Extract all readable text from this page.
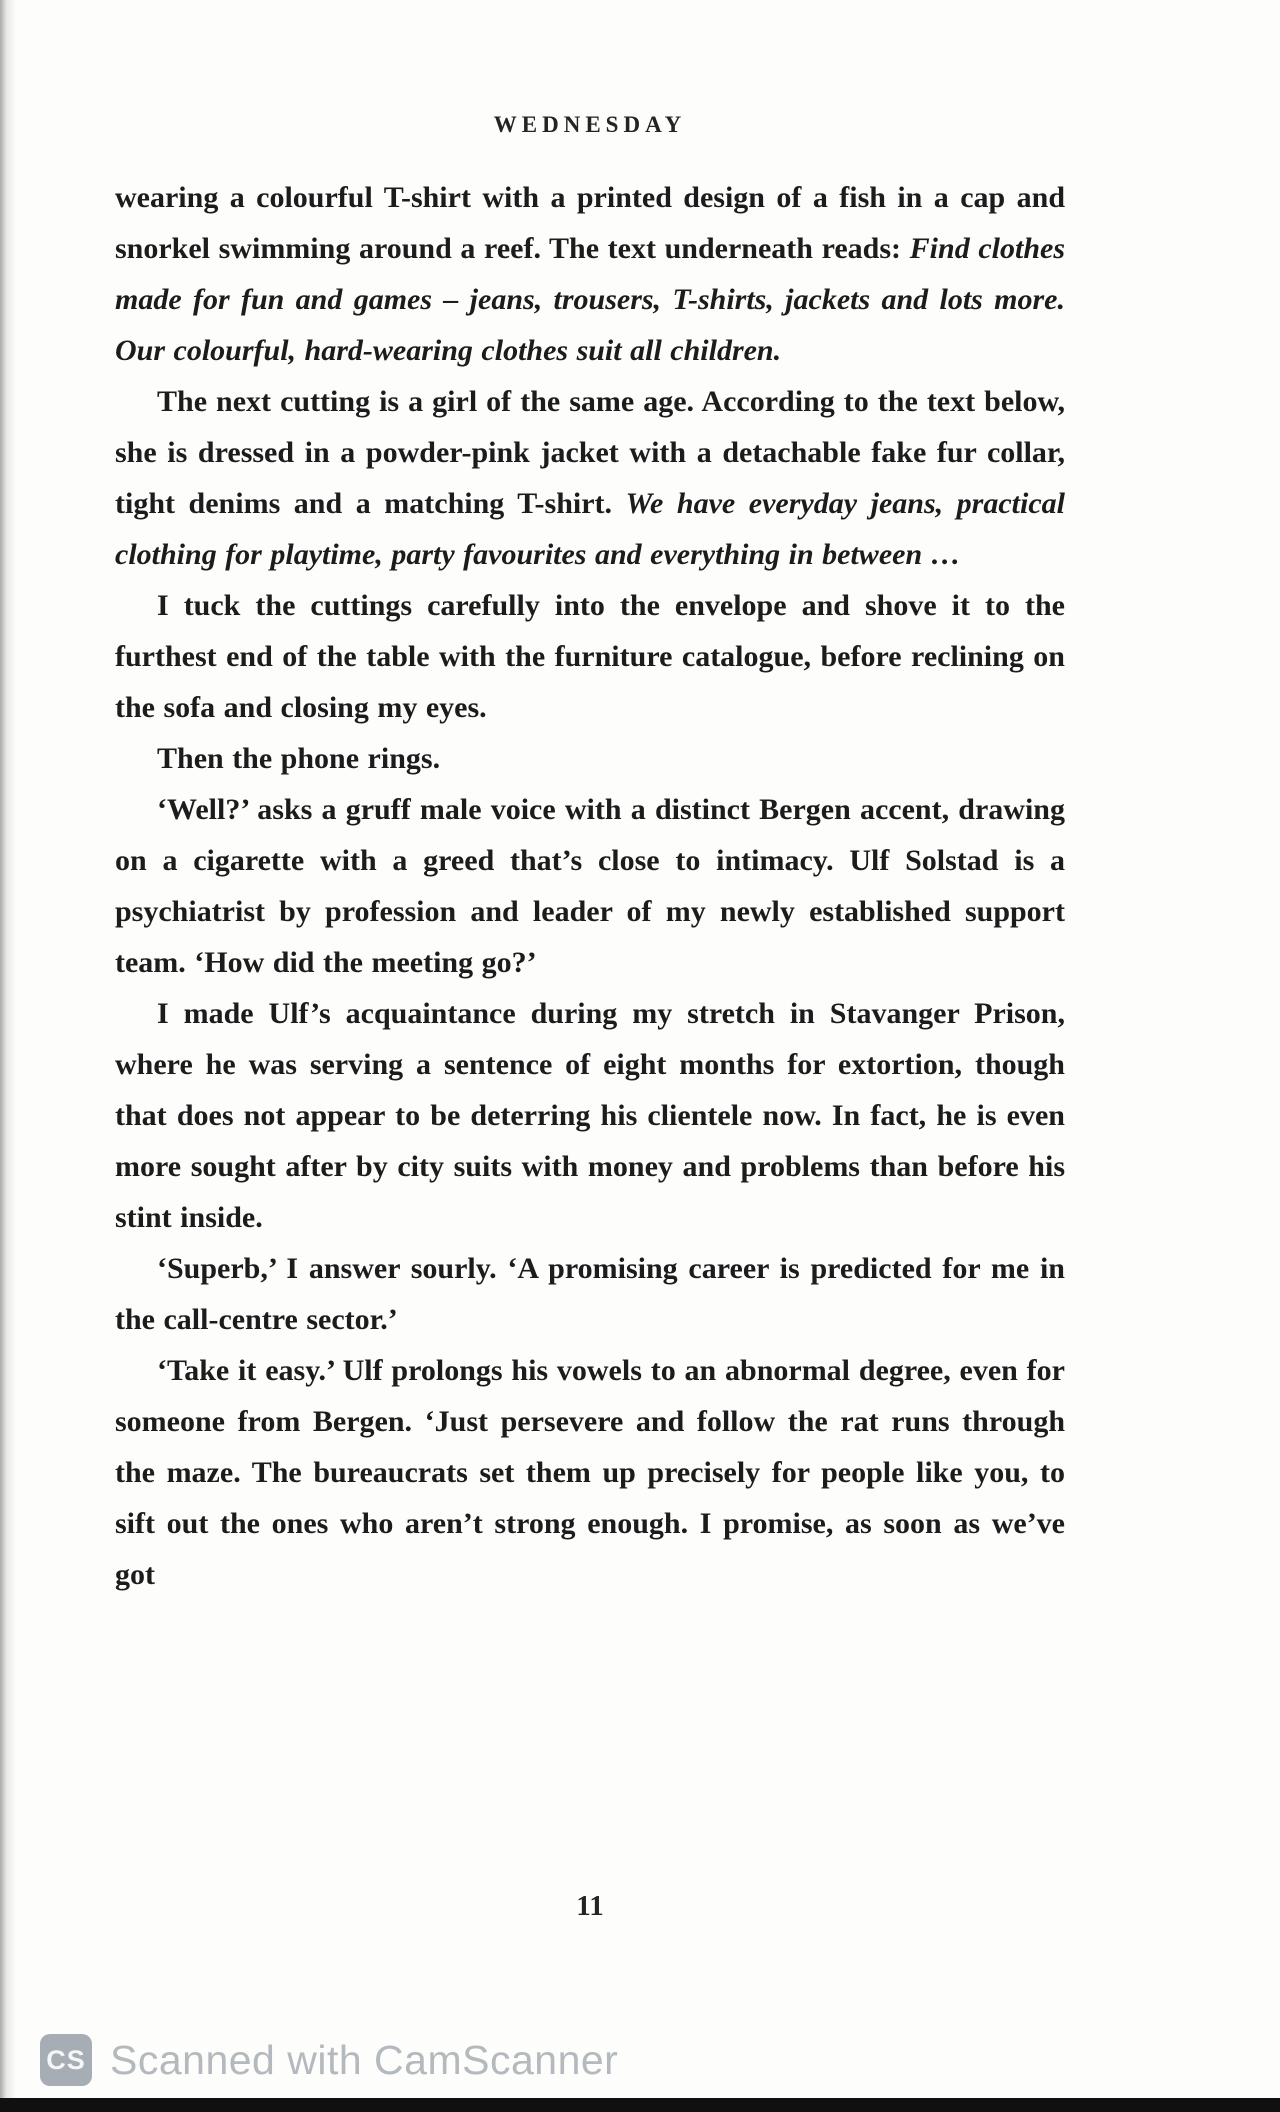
WEDNESDAY

wearing a colourful T-shirt with a printed design of a fish in a cap and snorkel swimming around a reef. The text underneath reads: Find clothes made for fun and games – jeans, trousers, T-shirts, jackets and lots more. Our colourful, hard-wearing clothes suit all children.

The next cutting is a girl of the same age. According to the text below, she is dressed in a powder-pink jacket with a detachable fake fur collar, tight denims and a matching T-shirt. We have everyday jeans, practical clothing for playtime, party favourites and everything in between …

I tuck the cuttings carefully into the envelope and shove it to the furthest end of the table with the furniture catalogue, before reclining on the sofa and closing my eyes.

Then the phone rings.

‘Well?’ asks a gruff male voice with a distinct Bergen accent, drawing on a cigarette with a greed that’s close to intimacy. Ulf Solstad is a psychiatrist by profession and leader of my newly established support team. ‘How did the meeting go?’

I made Ulf’s acquaintance during my stretch in Stavanger Prison, where he was serving a sentence of eight months for extortion, though that does not appear to be deterring his clientele now. In fact, he is even more sought after by city suits with money and problems than before his stint inside.

‘Superb,’ I answer sourly. ‘A promising career is predicted for me in the call-centre sector.’

‘Take it easy.’ Ulf prolongs his vowels to an abnormal degree, even for someone from Bergen. ‘Just persevere and follow the rat runs through the maze. The bureaucrats set them up precisely for people like you, to sift out the ones who aren’t strong enough. I promise, as soon as we’ve got

11
CS Scanned with CamScanner
